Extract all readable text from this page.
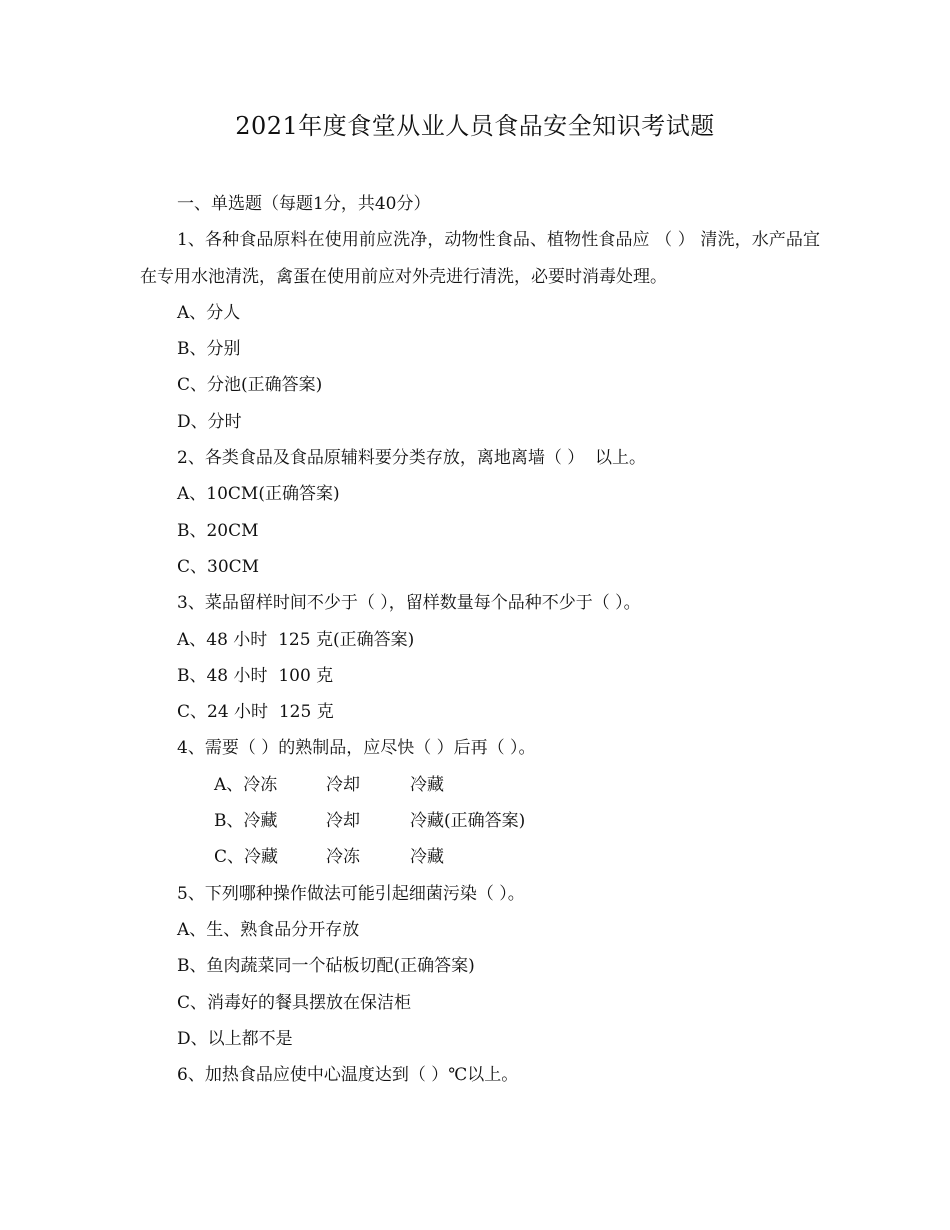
2021年度食堂从业人员食品安全知识考试题
一、单选题（每题1分，共40分）
1、各种食品原料在使用前应洗净，动物性食品、植物性食品应 （ ） 清洗，水产品宜在专用水池清洗，禽蛋在使用前应对外壳进行清洗，必要时消毒处理。
A、分人
B、分别
C、分池(正确答案)
D、分时
2、各类食品及食品原辅料要分类存放，离地离墙（ ）  以上。
A、10CM(正确答案)
B、20CM
C、30CM
3、菜品留样时间不少于（ ），留样数量每个品种不少于（ ）。
A、48 小时  125 克(正确答案)
B、48 小时  100 克
C、24 小时  125 克
4、需要（ ）的熟制品，应尽快（ ）后再（ ）。
A、冷冻	冷却	冷藏
B、冷藏	冷却	冷藏(正确答案)
C、冷藏	冷冻	冷藏
5、下列哪种操作做法可能引起细菌污染（ ）。
A、生、熟食品分开存放
B、鱼肉蔬菜同一个砧板切配(正确答案)
C、消毒好的餐具摆放在保洁柜
D、以上都不是
6、加热食品应使中心温度达到（ ）℃以上。
